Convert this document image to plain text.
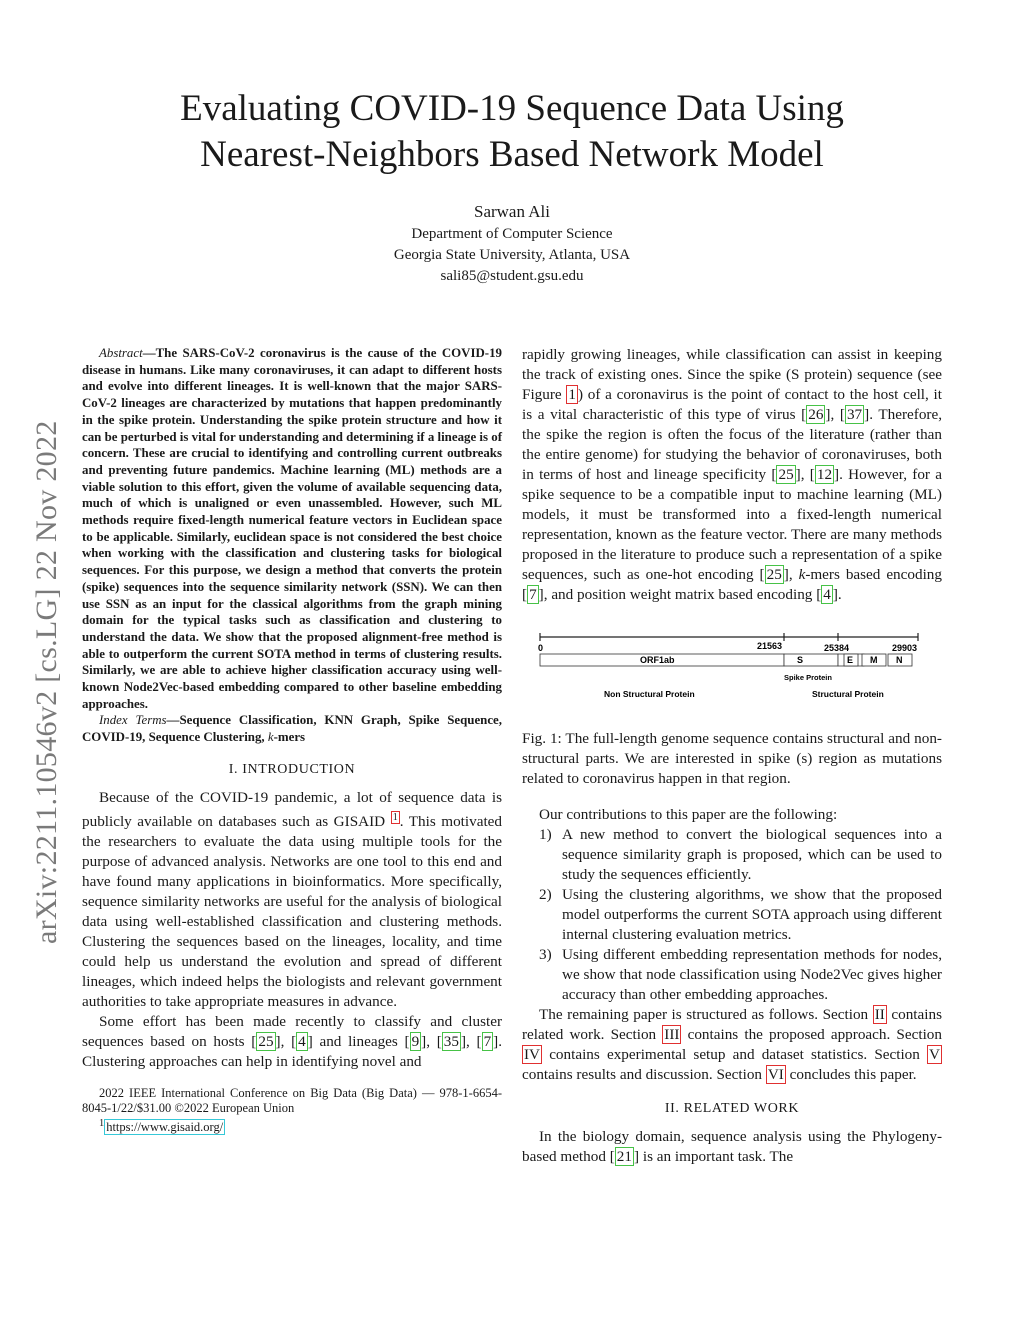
Evaluating COVID-19 Sequence Data Using
Nearest-Neighbors Based Network Model
Sarwan Ali
Department of Computer Science
Georgia State University, Atlanta, USA
sali85@student.gsu.edu
arXiv:2211.10546v2 [cs.LG] 22 Nov 2022

Abstract—The SARS-CoV-2 coronavirus is the cause of the COVID-19 disease in humans. Like many coronaviruses, it can adapt to different hosts and evolve into different lineages. It is well-known that the major SARS-CoV-2 lineages are characterized by mutations that happen predominantly in the spike protein. Understanding the spike protein structure and how it can be perturbed is vital for understanding and determining if a lineage is of concern. These are crucial to identifying and controlling current outbreaks and preventing future pandemics. Machine learning (ML) methods are a viable solution to this effort, given the volume of available sequencing data, much of which is unaligned or even unassembled. However, such ML methods require fixed-length numerical feature vectors in Euclidean space to be applicable. Similarly, euclidean space is not considered the best choice when working with the classification and clustering tasks for biological sequences. For this purpose, we design a method that converts the protein (spike) sequences into the sequence similarity network (SSN). We can then use SSN as an input for the classical algorithms from the graph mining domain for the typical tasks such as classification and clustering to understand the data. We show that the proposed alignment-free method is able to outperform the current SOTA method in terms of clustering results. Similarly, we are able to achieve higher classification accuracy using well-known Node2Vec-based embedding compared to other baseline embedding approaches.

Index Terms—Sequence Classification, KNN Graph, Spike Sequence, COVID-19, Sequence Clustering, k-mers

I. INTRODUCTION

Because of the COVID-19 pandemic, a lot of sequence data is publicly available on databases such as GISAID $^1$ . This motivated the researchers to evaluate the data using multiple tools for the purpose of advanced analysis. Networks are one tool to this end and have found many applications in bioinformatics. More specifically, sequence similarity networks are useful for the analysis of biological data using well-established classification and clustering methods. Clustering the sequences based on the lineages, locality, and time could help us understand the evolution and spread of different lineages, which indeed helps the biologists and relevant government authorities to take appropriate measures in advance.

Some effort has been made recently to classify and cluster sequences based on hosts [ 25 ], [ 4 ] and lineages [ 9 ], [ 35 ], [ 7 ]. Clustering approaches can help in identifying novel and

2022 IEEE International Conference on Big Data (Big Data) — 978-1-6654-8045-1/22/$31.00 ©2022 European Union

$^1$ https://www.gisaid.org/

rapidly growing lineages, while classification can assist in keeping the track of existing ones. Since the spike (S protein) sequence (see Figure 1 ) of a coronavirus is the point of contact to the host cell, it is a vital characteristic of this type of virus [ 26 ], [ 37 ]. Therefore, the spike the region is often the focus of the literature (rather than the entire genome) for studying the behavior of coronaviruses, both in terms of host and lineage specificity [ 25 ], [ 12 ]. However, for a spike sequence to be a compatible input to machine learning (ML) models, it must be transformed into a fixed-length numerical representation, known as the feature vector. There are many methods proposed in the literature to produce such a representation of a spike sequences, such as one-hot encoding [ 25 ], k-mers based encoding [ 7 ], and position weight matrix based encoding [ 4 ].

0	21563	25384	29903
ORF1ab	S	E M N
Spike Protein
Non Structural Protein	Structural Protein

Fig. 1: The full-length genome sequence contains structural and non-structural parts. We are interested in spike (s) region as mutations related to coronavirus happen in that region.

Our contributions to this paper are the following:

1) A new method to convert the biological sequences into a sequence similarity graph is proposed, which can be used to study the sequences efficiently.
2) Using the clustering algorithms, we show that the proposed model outperforms the current SOTA approach using different internal clustering evaluation metrics.
3) Using different embedding representation methods for nodes, we show that node classification using Node2Vec gives higher accuracy than other embedding approaches.

The remaining paper is structured as follows. Section II contains related work. Section III contains the proposed approach. Section IV contains experimental setup and dataset statistics. Section V contains results and discussion. Section VI concludes this paper.

II. RELATED WORK

In the biology domain, sequence analysis using the Phylogeny-based method [ 21 ] is an important task. The
